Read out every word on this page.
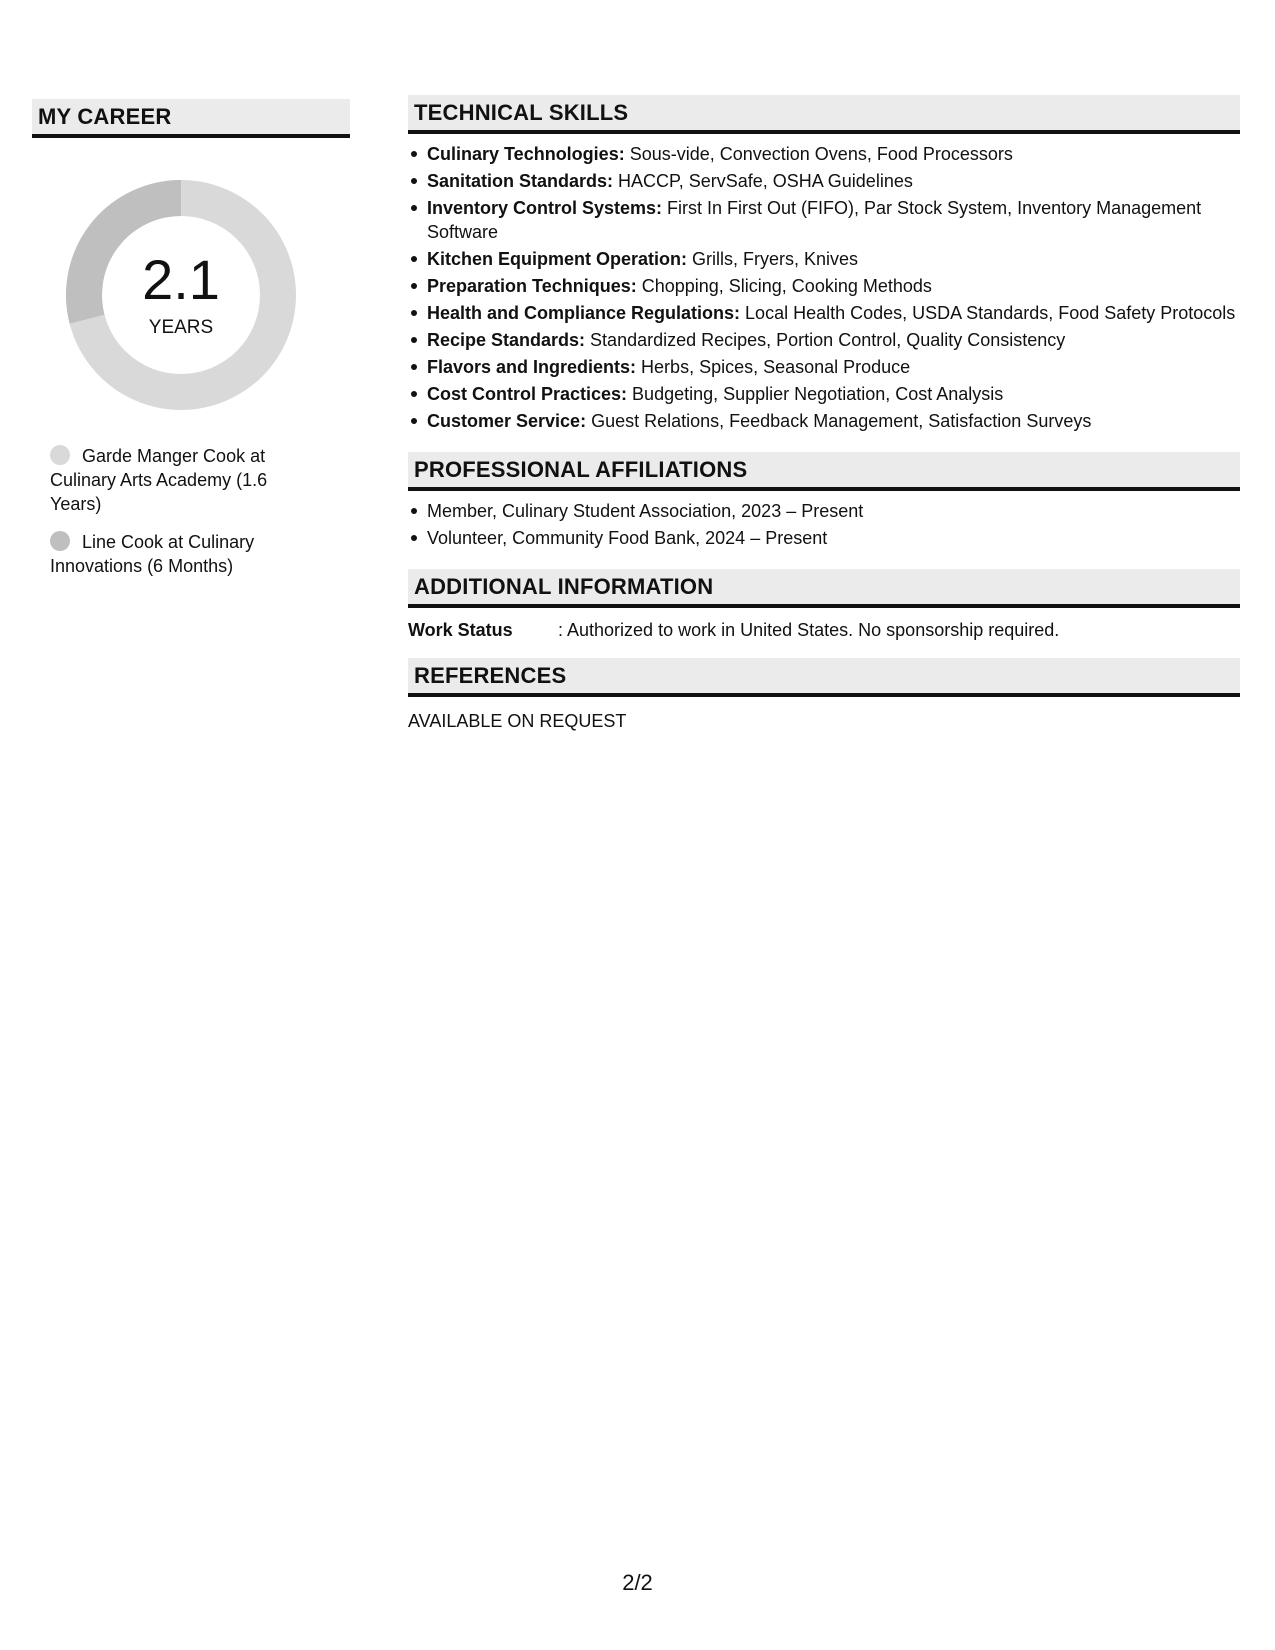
MY CAREER
2.1
YEARS
Garde Manger Cook at Culinary Arts Academy (1.6 Years)
Line Cook at Culinary Innovations (6 Months)
TECHNICAL SKILLS
Culinary Technologies: Sous-vide, Convection Ovens, Food Processors
Sanitation Standards: HACCP, ServSafe, OSHA Guidelines
Inventory Control Systems: First In First Out (FIFO), Par Stock System, Inventory Management Software
Kitchen Equipment Operation: Grills, Fryers, Knives
Preparation Techniques: Chopping, Slicing, Cooking Methods
Health and Compliance Regulations: Local Health Codes, USDA Standards, Food Safety Protocols
Recipe Standards: Standardized Recipes, Portion Control, Quality Consistency
Flavors and Ingredients: Herbs, Spices, Seasonal Produce
Cost Control Practices: Budgeting, Supplier Negotiation, Cost Analysis
Customer Service: Guest Relations, Feedback Management, Satisfaction Surveys
PROFESSIONAL AFFILIATIONS
Member, Culinary Student Association, 2023 – Present
Volunteer, Community Food Bank, 2024 – Present
ADDITIONAL INFORMATION
Work Status	: Authorized to work in United States. No sponsorship required.
REFERENCES
AVAILABLE ON REQUEST
2/2
